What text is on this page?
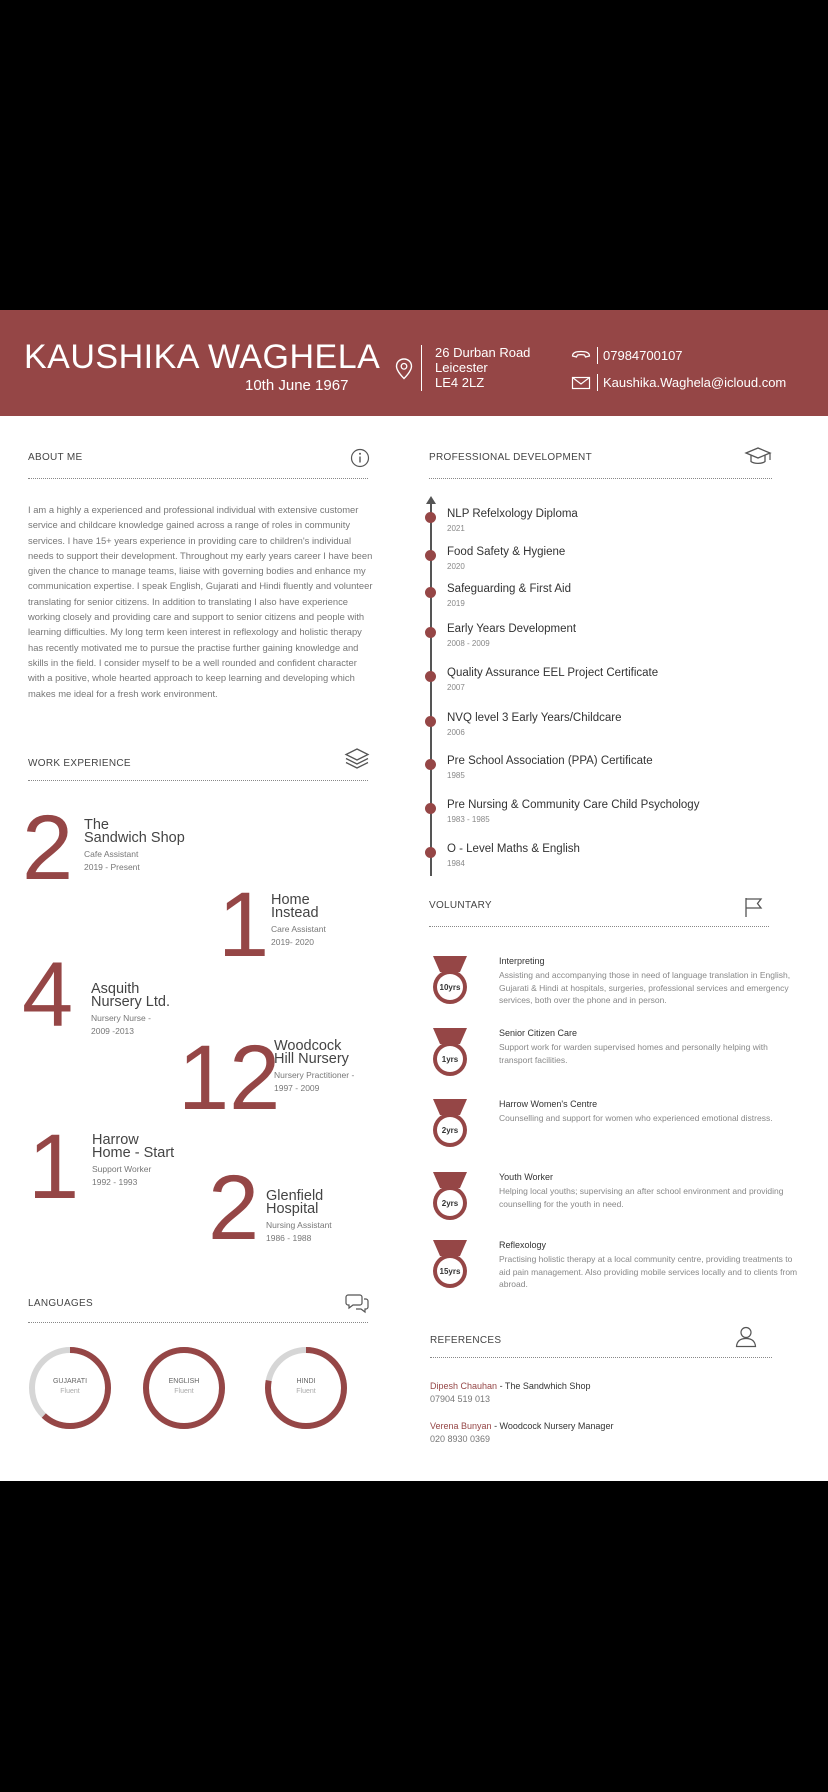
KAUSHIKA WAGHELA
10th June 1967
26 Durban Road
Leicester
LE4 2LZ
07984700107
Kaushika.Waghela@icloud.com
ABOUT ME
I am a highly a experienced and professional individual with extensive customer service and childcare knowledge gained across a range of roles in community services. I have 15+ years experience in providing care to children's individual needs to support their development. Throughout my early years career I have been given the chance to manage teams, liaise with governing bodies and enhance my communication expertise. I speak English, Gujarati and Hindi fluently and volunteer translating for senior citizens. In addition to translating I also have experience working closely and providing care and support to senior citizens and people with learning difficulties. My long term keen interest in reflexology and holistic therapy has recently motivated me to pursue the practise further gaining knowledge and skills in the field. I consider myself to be a well rounded and confident character with a positive, whole hearted approach to keep learning and developing which makes me ideal for a fresh work environment.
PROFESSIONAL DEVELOPMENT
NLP Refelxology Diploma
2021
Food Safety & Hygiene
2020
Safeguarding & First Aid
2019
Early Years Development
2008 - 2009
Quality Assurance EEL Project Certificate
2007
NVQ level 3 Early Years/Childcare
2006
Pre School Association (PPA) Certificate
1985
Pre Nursing & Community Care Child Psychology
1983 - 1985
O - Level Maths & English
1984
WORK EXPERIENCE
2 The
Sandwich Shop
Cafe Assistant
2019 - Present
1 Home
Instead
Care Assistant
2019- 2020
4 Asquith
Nursery Ltd.
Nursery Nurse -
2009 -2013 12
Woodcock
Hill Nursery
Nursery Practitioner -
1997 - 2009
1 Harrow
Home - Start
Support Worker
1992 - 1993 2 Glenfield
Hospital
Nursing Assistant
1986 - 1988
VOLUNTARY
10yrs
Interpreting
Assisting and accompanying those in need of language translation in English, Gujarati & Hindi at hospitals, surgeries, professional services and emergency services, both over the phone and in person.
1yrs
Senior Citizen Care
Support work for warden supervised homes and personally helping with transport facilities.
2yrs
Harrow Women's Centre
Counselling and support for women who experienced emotional distress.
2yrs
Youth Worker
Helping local youths; supervising an after school environment and providing counselling for the youth in need.
15yrs
Reflexology
Practising holistic therapy at a local community centre, providing treatments to aid pain management. Also providing mobile services locally and to clients from abroad.
LANGUAGES
GUJARATI
Fluent
ENGLISH
Fluent
HINDI
Fluent
REFERENCES
Dipesh Chauhan - The Sandwhich Shop
07904 519 013
Verena Bunyan - Woodcock Nursery Manager
020 8930 0369
